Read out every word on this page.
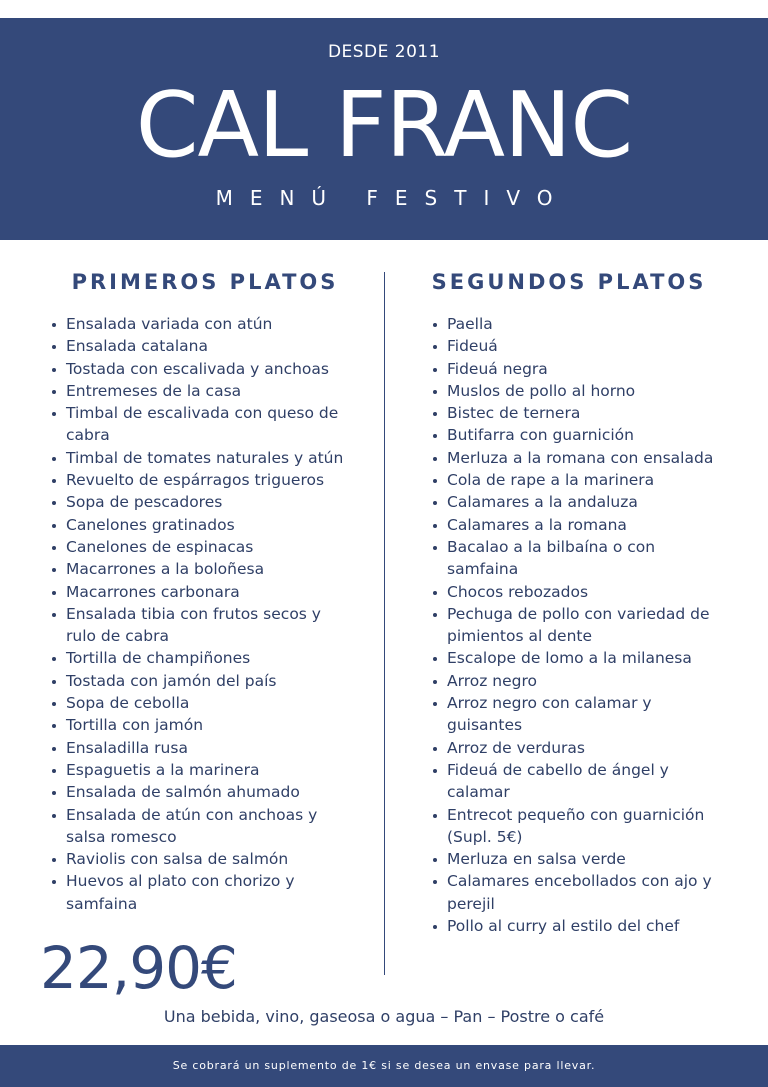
DESDE 2011
CAL FRANC
MENÚ FESTIVO
PRIMEROS PLATOS	SEGUNDOS PLATOS
Ensalada variada con atún
Ensalada catalana
Tostada con escalivada y anchoas
Entremeses de la casa
Timbal de escalivada con queso de cabra
Timbal de tomates naturales y atún
Revuelto de espárragos trigueros
Sopa de pescadores
Canelones gratinados
Canelones de espinacas
Macarrones a la boloñesa
Macarrones carbonara
Ensalada tibia con frutos secos y rulo de cabra
Tortilla de champiñones
Tostada con jamón del país
Sopa de cebolla
Tortilla con jamón
Ensaladilla rusa
Espaguetis a la marinera
Ensalada de salmón ahumado
Ensalada de atún con anchoas y salsa romesco
Raviolis con salsa de salmón
Huevos al plato con chorizo y samfaina
Paella
Fideuá
Fideuá negra
Muslos de pollo al horno
Bistec de ternera
Butifarra con guarnición
Merluza a la romana con ensalada
Cola de rape a la marinera
Calamares a la andaluza
Calamares a la romana
Bacalao a la bilbaína o con samfaina
Chocos rebozados
Pechuga de pollo con variedad de pimientos al dente
Escalope de lomo a la milanesa
Arroz negro
Arroz negro con calamar y guisantes
Arroz de verduras
Fideuá de cabello de ángel y calamar
Entrecot pequeño con guarnición (Supl. 5€)
Merluza en salsa verde
Calamares encebollados con ajo y perejil
Pollo al curry al estilo del chef
22,90€
Una bebida, vino, gaseosa o agua – Pan – Postre o café
Se cobrará un suplemento de 1€ si se desea un envase para llevar.
